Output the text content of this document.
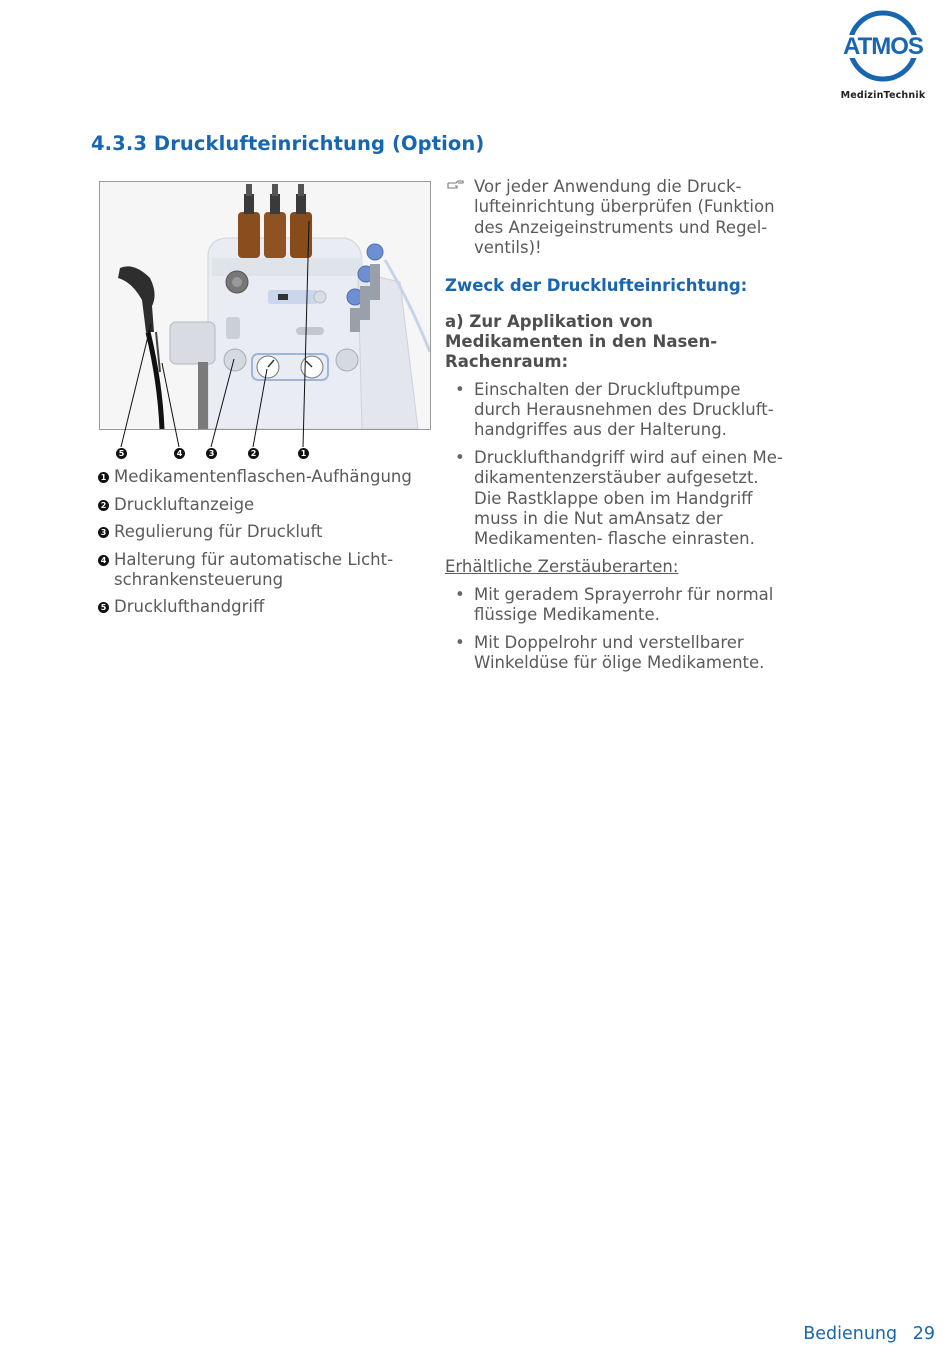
ATMOS
MedizinTechnik
4.3.3 Drucklufteinrichtung (Option)
5	4	3	2	1
1 Medikamentenflaschen-Aufhängung
2 Druckluftanzeige
3 Regulierung für Druckluft
4 Halterung für automatische Licht- schrankensteuerung
5 Drucklufthandgriff
Vor jeder Anwendung die Druck- lufteinrichtung überprüfen (Funktion des Anzeigeinstruments und Regel- ventils)!
Zweck der Drucklufteinrichtung:
a) Zur Applikation von Medikamenten in den Nasen-Rachenraum:
• Einschalten der Druckluftpumpe durch Herausnehmen des Druckluft- handgriffes aus der Halterung.
• Drucklufthandgriff wird auf einen Me- dikamentenzerstäuber aufgesetzt. Die Rastklappe oben im Handgriff muss in die Nut amAnsatz der Medikamenten- flasche einrasten.
Erhältliche Zerstäuberarten:
• Mit geradem Sprayerrohr für normal flüssige Medikamente.
• Mit Doppelrohr und verstellbarer Winkeldüse für ölige Medikamente.
Bedienung 29
